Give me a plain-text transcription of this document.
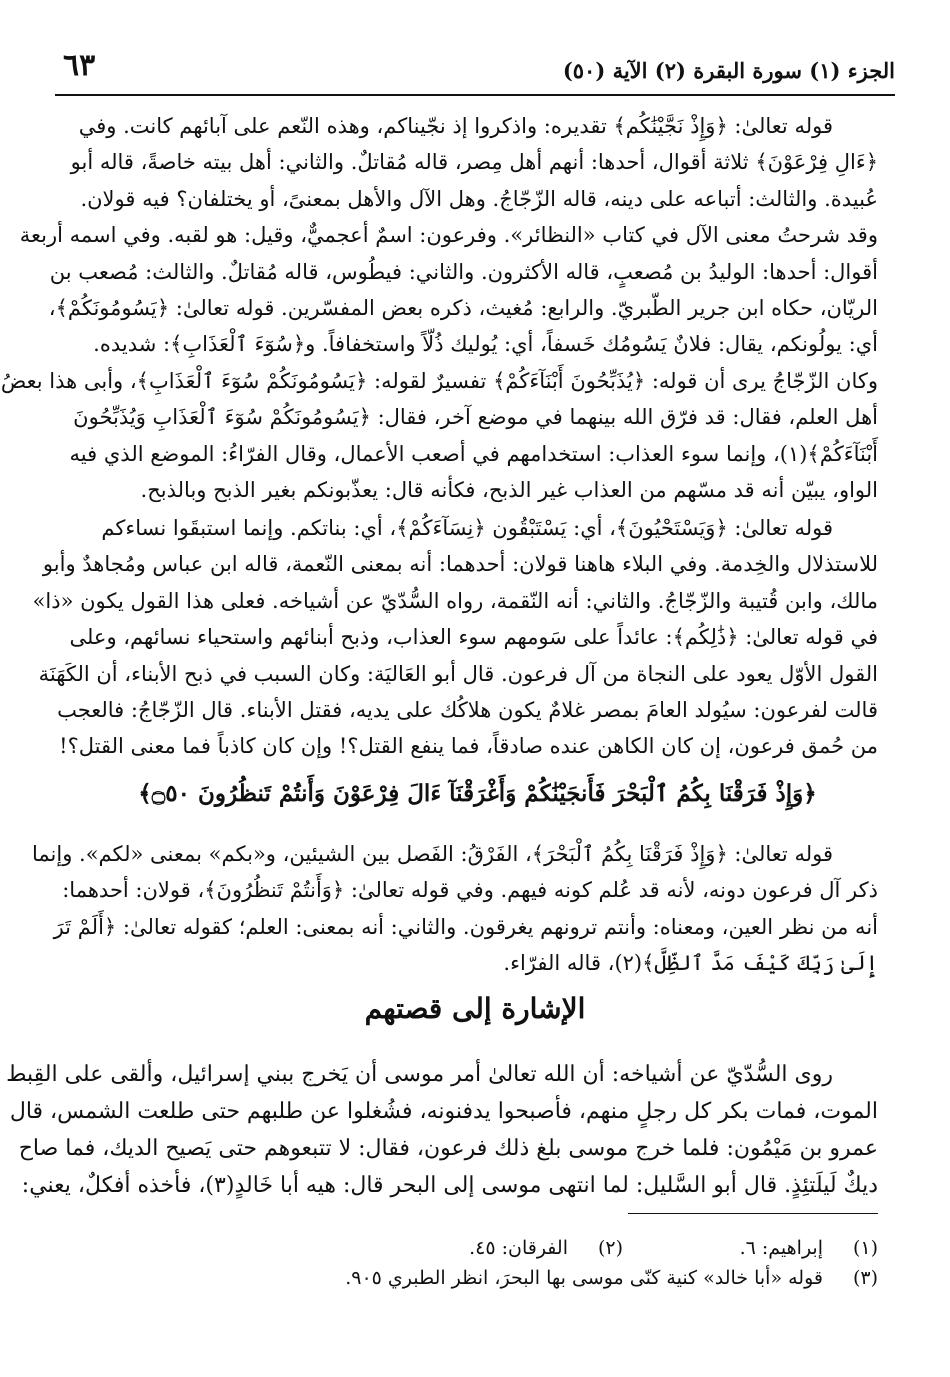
الجزء (١) سورة البقرة (٢) الآية (٥٠)
٦٣
قوله تعالىٰ: ﴿وَإِذْ نَجَّيْنَٰكُم﴾ تقديره: واذكروا إذ نجّيناكم، وهذه النّعم على آبائهم كانت. وفي
﴿ءَالِ فِرْعَوْنَ﴾ ثلاثة أقوال، أحدها: أنهم أهل مِصر، قاله مُقاتلٌ. والثاني: أهل بيته خاصةً، قاله أبو
عُبيدة. والثالث: أتباعه على دينه، قاله الزّجّاجُ. وهل الآل والأهل بمعنىً، أو يختلفان؟ فيه قولان.
وقد شرحتُ معنى الآل في كتاب «النظائر». وفرعون: اسمٌ أعجميٌّ، وقيل: هو لقبه. وفي اسمه أربعة
أقوال: أحدها: الوليدُ بن مُصعبٍ، قاله الأكثرون. والثاني: فيطُوس، قاله مُقاتلٌ. والثالث: مُصعب بن
الريّان، حكاه ابن جرير الطّبريّ. والرابع: مُغيث، ذكره بعض المفسّرين. قوله تعالىٰ: ﴿يَسُومُونَكُمْ﴾،
أي: يولُونكم، يقال: فلانٌ يَسُومُك خَسفاً، أي: يُوليك ذُلّاً واستخفافاً. و﴿سُوٓءَ ٱلْعَذَابِ﴾: شديده.
وكان الزّجّاجُ يرى أن قوله: ﴿يُذَبِّحُونَ أَبْنَآءَكُمْ﴾ تفسيرٌ لقوله: ﴿يَسُومُونَكُمْ سُوٓءَ ٱلْعَذَابِ﴾، وأبى هذا بعضُ
أهل العلم، فقال: قد فرّق الله بينهما في موضع آخر، فقال: ﴿يَسُومُونَكُمْ سُوٓءَ ٱلْعَذَابِ وَيُذَبِّحُونَ
أَبْنَآءَكُمْ﴾(١)، وإنما سوء العذاب: استخدامهم في أصعب الأعمال، وقال الفرّاءُ: الموضع الذي فيه
الواو، يبيّن أنه قد مسّهم من العذاب غير الذبح، فكأنه قال: يعذّبونكم بغير الذبح وبالذبح.
قوله تعالىٰ: ﴿وَيَسْتَحْيُونَ﴾، أي: يَسْتَبْقُون ﴿نِسَآءَكُمْ﴾، أي: بناتكم. وإنما استبقَوا نساءكم
للاستذلال والخِدمة. وفي البلاء هاهنا قولان: أحدهما: أنه بمعنى النّعمة، قاله ابن عباس ومُجاهدٌ وأبو
مالك، وابن قُتيبة والزّجّاجُ. والثاني: أنه النّقمة، رواه السُّدّيّ عن أشياخه. فعلى هذا القول يكون «ذا»
في قوله تعالىٰ: ﴿ذَٰلِكُم﴾: عائداً على سَومهم سوء العذاب، وذبح أبنائهم واستحياء نسائهم، وعلى
القول الأوّل يعود على النجاة من آل فرعون. قال أبو العَاليَة: وكان السبب في ذبح الأبناء، أن الكَهَنَة
قالت لفرعون: سيُولد العامَ بمصر غلامٌ يكون هلاكُك على يديه، فقتل الأبناء. قال الزّجّاجُ: فالعجب
من حُمق فرعون، إن كان الكاهن عنده صادقاً، فما ينفع القتل؟! وإن كان كاذباً فما معنى القتل؟!
﴿وَإِذْ فَرَقْنَا بِكُمُ ٱلْبَحْرَ فَأَنجَيْنَٰكُمْ وَأَغْرَقْنَآ ءَالَ فِرْعَوْنَ وَأَنتُمْ تَنظُرُونَ ۝٥٠﴾
قوله تعالىٰ: ﴿وَإِذْ فَرَقْنَا بِكُمُ ٱلْبَحْرَ﴾، الفَرْقُ: الفَصل بين الشيئين، و«بكم» بمعنى «لكم». وإنما
ذكر آل فرعون دونه، لأنه قد عُلم كونه فيهم. وفي قوله تعالىٰ: ﴿وَأَنتُمْ تَنظُرُونَ﴾، قولان: أحدهما:
أنه من نظر العين، ومعناه: وأنتم ترونهم يغرقون. والثاني: أنه بمعنى: العلم؛ كقوله تعالىٰ: ﴿أَلَمْ تَرَ
إِلَىٰ رَبِّكَ كَيْفَ مَدَّ ٱلظِّلَّ﴾(٢)، قاله الفرّاء.
الإشارة إلى قصتهم
روى السُّدّيّ عن أشياخه: أن الله تعالىٰ أمر موسى أن يَخرج ببني إسرائيل، وألقى على القِبط
الموت، فمات بكر كل رجلٍ منهم، فأصبحوا يدفنونه، فشُغلوا عن طلبهم حتى طلعت الشمس، قال
عمرو بن مَيْمُون: فلما خرج موسى بلغ ذلك فرعون، فقال: لا تتبعوهم حتى يَصيح الديك، فما صاح
ديكٌ لَيلَتئِذٍ. قال أبو السَّليل: لما انتهى موسى إلى البحر قال: هيه أبا خَالدٍ(٣)، فأخذه أفكلٌ، يعني:
(١)
إبراهيم: ٦.
(٢)
الفرقان: ٤٥.
(٣)
قوله «أبا خالد» كنية كنّى موسى بها البحرَ، انظر الطبري ٩٠٥.
